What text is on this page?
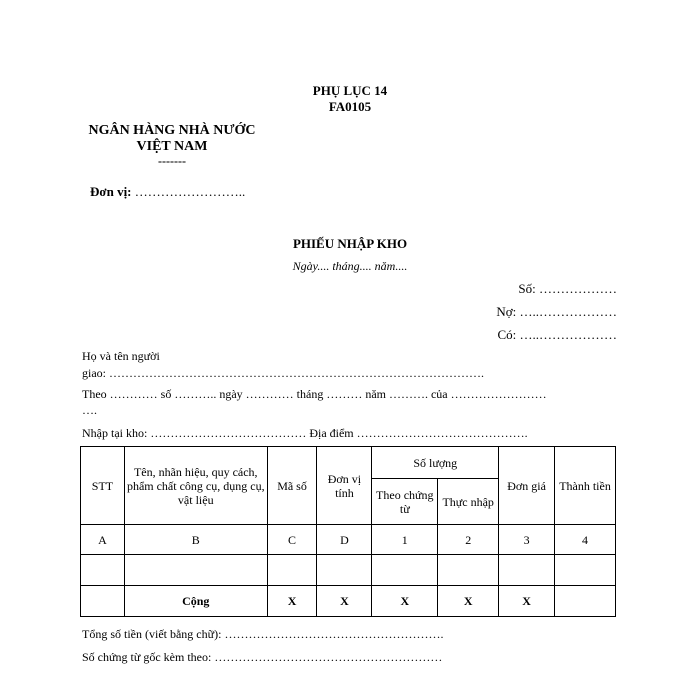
PHỤ LỤC 14
FA0105
NGÂN HÀNG NHÀ NƯỚC
VIỆT NAM
-------
Đơn vị: ……………………..
PHIẾU NHẬP KHO
Ngày.... tháng.... năm....
Số: ………………
Nợ: …..………………
Có: …..………………
Họ và tên người
giao: ………………………………………………………………………………….
Theo ………… số ……….. ngày ………… tháng ……… năm ………. của ……………………
….
Nhập tại kho: ………………………………… Địa điểm …………………………………….
STT	Tên, nhãn hiệu, quy cách, phẩm chất công cụ, dụng cụ, vật liệu	Mã số	Đơn vị tính	Số lượng		Đơn giá	Thành tiền
				Theo chứng từ	Thực nhập		
A	B	C	D	1	2	3	4

	Cộng	X	X	X	X	X	
Tổng số tiền (viết bằng chữ): ……………………………………………….
Số chứng từ gốc kèm theo: …………………………………………………
